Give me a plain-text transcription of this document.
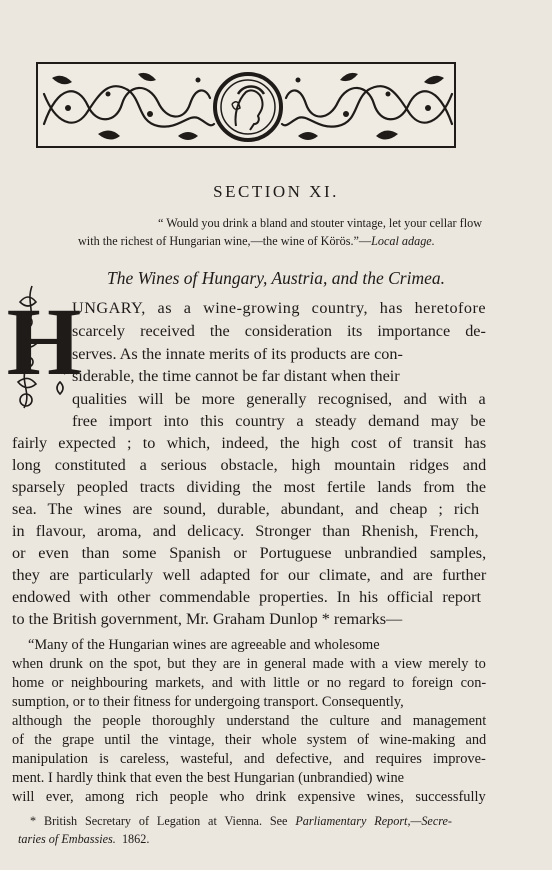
SECTION XI.
“ Would you drink a bland and stouter vintage, let your cellar flow
with the richest of Hungarian wine,—the wine of Körös.”—Local adage.
The Wines of Hungary, Austria, and the Crimea.
H
UNGARY, as a wine-growing country, has heretofore
scarcely received the consideration its importance de-
serves. As the innate merits of its products are con-
siderable, the time cannot be far distant when their
qualities will be more generally recognised, and with a
free import into this country a steady demand may be
fairly expected ; to which, indeed, the high cost of transit has
long constituted a serious obstacle, high mountain ridges and
sparsely peopled tracts dividing the most fertile lands from the
sea. The wines are sound, durable, abundant, and cheap ; rich
in flavour, aroma, and delicacy. Stronger than Rhenish, French,
or even than some Spanish or Portuguese unbrandied samples,
they are particularly well adapted for our climate, and are further
endowed with other commendable properties. In his official report
to the British government, Mr. Graham Dunlop * remarks—
“Many of the Hungarian wines are agreeable and wholesome
when drunk on the spot, but they are in general made with a view merely to
home or neighbouring markets, and with little or no regard to foreign con-
sumption, or to their fitness for undergoing transport. Consequently,
although the people thoroughly understand the culture and management
of the grape until the vintage, their whole system of wine-making and
manipulation is careless, wasteful, and defective, and requires improve-
ment. I hardly think that even the best Hungarian (unbrandied) wine
will ever, among rich people who drink expensive wines, successfully
* British Secretary of Legation at Vienna. See Parliamentary Report,—Secre-
taries of Embassies. 1862.
